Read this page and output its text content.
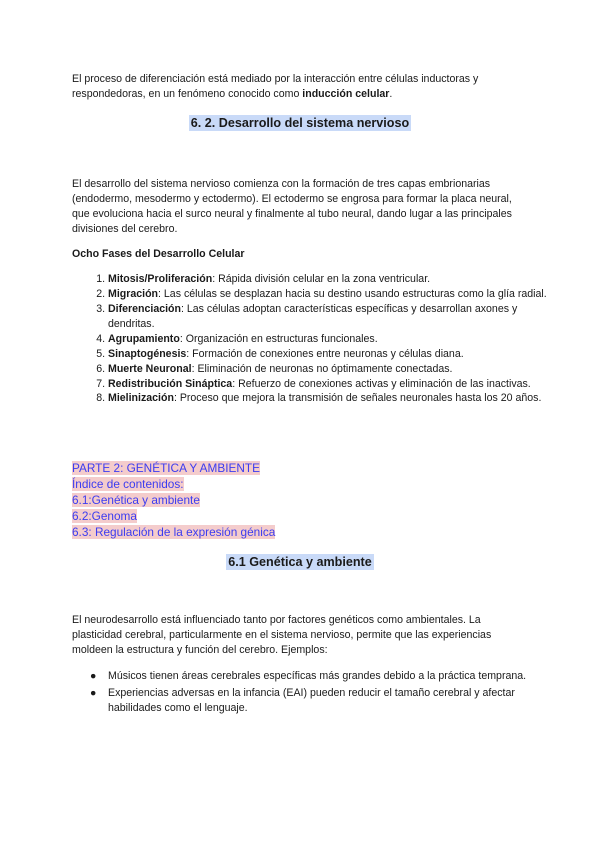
El proceso de diferenciación está mediado por la interacción entre células inductoras y respondedoras, en un fenómeno conocido como inducción celular.

6. 2. Desarrollo del sistema nervioso

El desarrollo del sistema nervioso comienza con la formación de tres capas embrionarias (endodermo, mesodermo y ectodermo). El ectodermo se engrosa para formar la placa neural, que evoluciona hacia el surco neural y finalmente al tubo neural, dando lugar a las principales divisiones del cerebro.

Ocho Fases del Desarrollo Celular

1. Mitosis/Proliferación: Rápida división celular en la zona ventricular.
2. Migración: Las células se desplazan hacia su destino usando estructuras como la glía radial.
3. Diferenciación: Las células adoptan características específicas y desarrollan axones y dendritas.
4. Agrupamiento: Organización en estructuras funcionales.
5. Sinaptogénesis: Formación de conexiones entre neuronas y células diana.
6. Muerte Neuronal: Eliminación de neuronas no óptimamente conectadas.
7. Redistribución Sináptica: Refuerzo de conexiones activas y eliminación de las inactivas.
8. Mielinización: Proceso que mejora la transmisión de señales neuronales hasta los 20 años.
PARTE 2: GENÉTICA Y AMBIENTE
Índice de contenidos:
6.1:Genética y ambiente
6.2:Genoma
6.3: Regulación de la expresión génica
6.1 Genética y ambiente

El neurodesarrollo está influenciado tanto por factores genéticos como ambientales. La plasticidad cerebral, particularmente en el sistema nervioso, permite que las experiencias moldeen la estructura y función del cerebro. Ejemplos:

● Músicos tienen áreas cerebrales específicas más grandes debido a la práctica temprana.
● Experiencias adversas en la infancia (EAI) pueden reducir el tamaño cerebral y afectar habilidades como el lenguaje.
